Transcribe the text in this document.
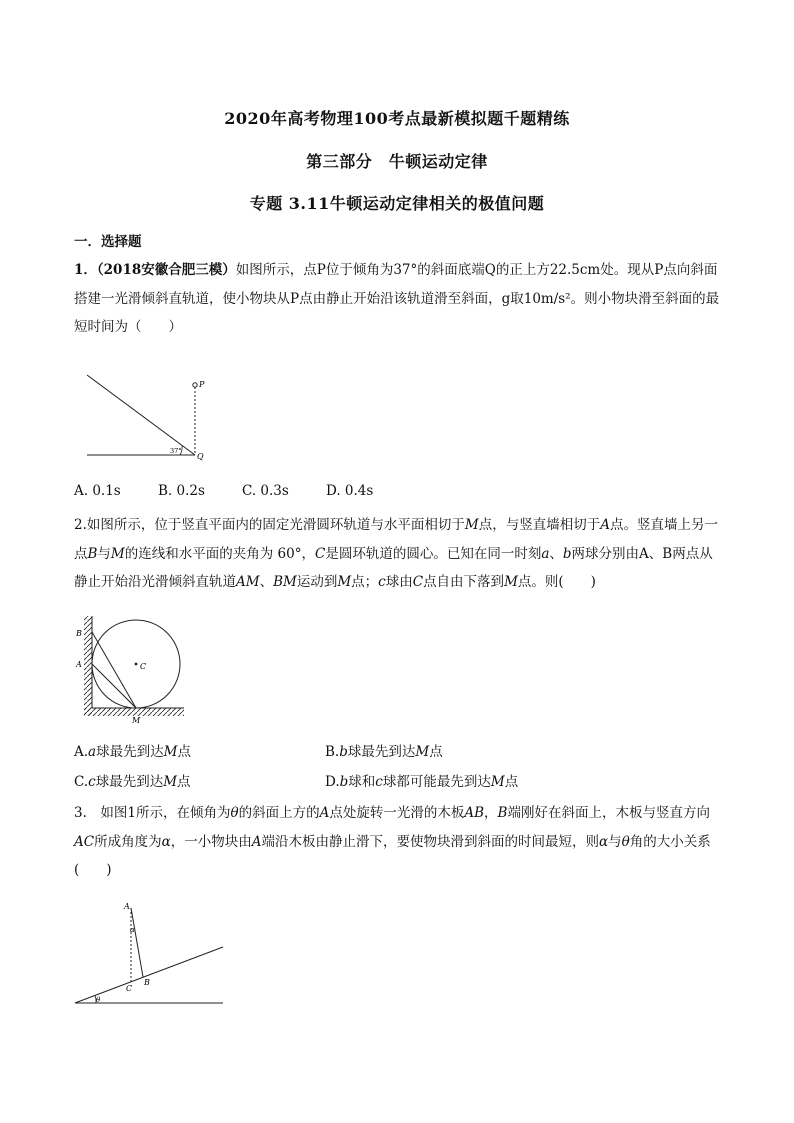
2020年高考物理100考点最新模拟题千题精练
第三部分　牛顿运动定律
专题 3.11牛顿运动定律相关的极值问题
一．选择题
1．（2018安徽合肥三模）如图所示，点P位于倾角为37°的斜面底端Q的正上方22.5cm处。现从P点向斜面搭建一光滑倾斜直轨道，使小物块从P点由静止开始沿该轨道滑至斜面，g取10m/s²。则小物块滑至斜面的最短时间为（　　）
P
Q
37°
A. 0.1s	B. 0.2s	C. 0.3s	D. 0.4s
2.如图所示，位于竖直平面内的固定光滑圆环轨道与水平面相切于M点，与竖直墙相切于A点。竖直墙上另一点B与M的连线和水平面的夹角为 60°，C是圆环轨道的圆心。已知在同一时刻a、b两球分别由A、B两点从静止开始沿光滑倾斜直轨道AM、BM运动到M点；c球由C点自由下落到M点。则(　　)
B
A	C
M
A.a球最先到达M点	B.b球最先到达M点
C.c球最先到达M点	D.b球和c球都可能最先到达M点
3.　如图1所示，在倾角为θ的斜面上方的A点处旋转一光滑的木板AB，B端刚好在斜面上，木板与竖直方向AC所成角度为α，一小物块由A端沿木板由静止滑下，要使物块滑到斜面的时间最短，则α与θ角的大小关系(　　)
A
α
C
B
θ
